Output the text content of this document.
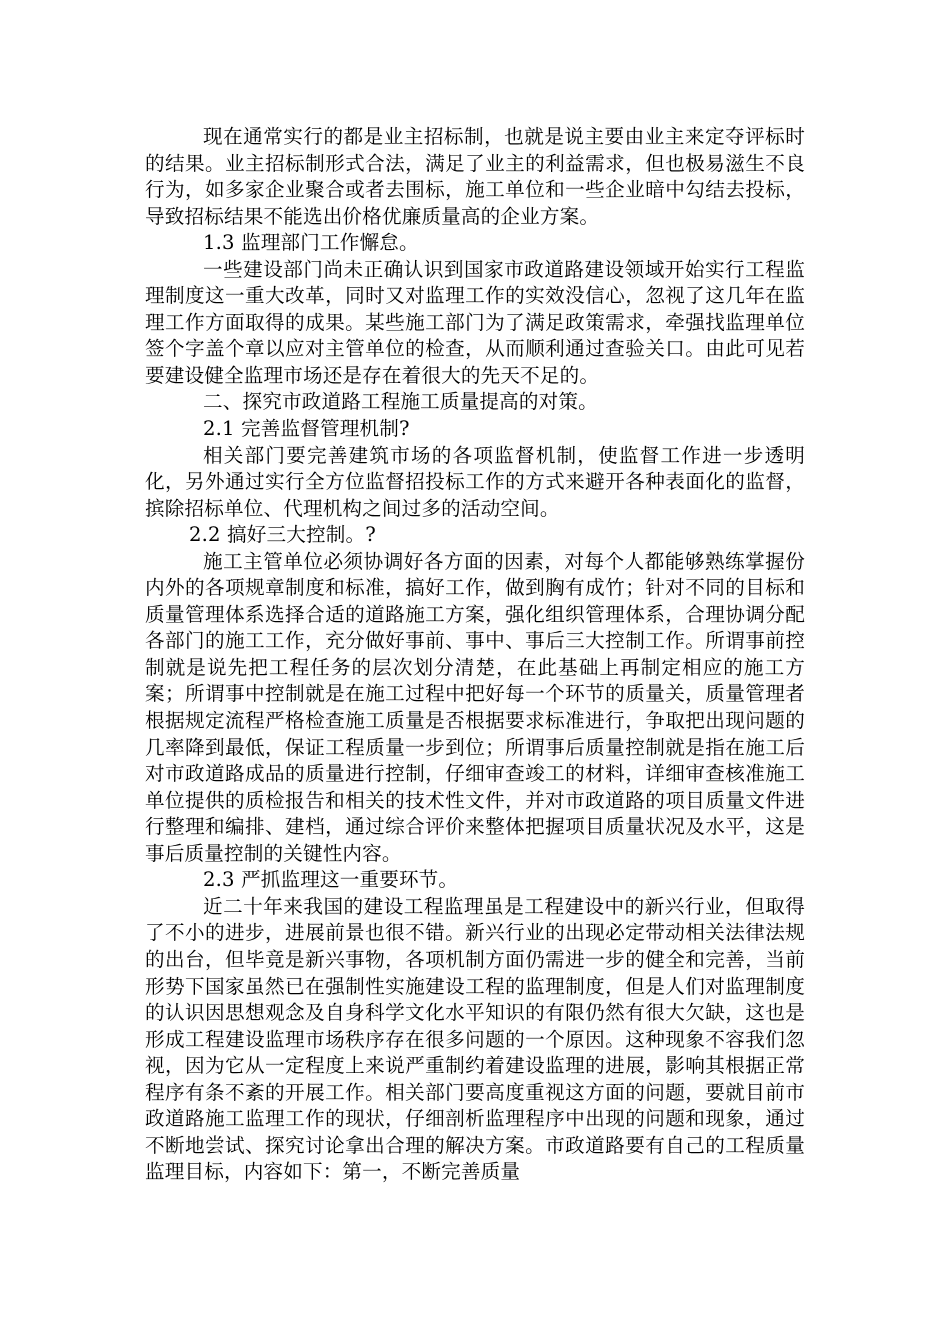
现在通常实行的都是业主招标制，也就是说主要由业主来定夺评标时的结果。业主招标制形式合法，满足了业主的利益需求，但也极易滋生不良行为，如多家企业聚合或者去围标，施工单位和一些企业暗中勾结去投标，导致招标结果不能选出价格优廉质量高的企业方案。

1.3 监理部门工作懈怠。

一些建设部门尚未正确认识到国家市政道路建设领域开始实行工程监理制度这一重大改革，同时又对监理工作的实效没信心，忽视了这几年在监理工作方面取得的成果。某些施工部门为了满足政策需求，牵强找监理单位签个字盖个章以应对主管单位的检查，从而顺利通过查验关口。由此可见若要建设健全监理市场还是存在着很大的先天不足的。

二、探究市政道路工程施工质量提高的对策。

2.1 完善监督管理机制?

相关部门要完善建筑市场的各项监督机制，使监督工作进一步透明化，另外通过实行全方位监督招投标工作的方式来避开各种表面化的监督，摈除招标单位、代理机构之间过多的活动空间。

2.2 搞好三大控制。?

施工主管单位必须协调好各方面的因素，对每个人都能够熟练掌握份内外的各项规章制度和标准，搞好工作，做到胸有成竹；针对不同的目标和质量管理体系选择合适的道路施工方案，强化组织管理体系，合理协调分配各部门的施工工作，充分做好事前、事中、事后三大控制工作。所谓事前控制就是说先把工程任务的层次划分清楚，在此基础上再制定相应的施工方案；所谓事中控制就是在施工过程中把好每一个环节的质量关，质量管理者根据规定流程严格检查施工质量是否根据要求标准进行，争取把出现问题的几率降到最低，保证工程质量一步到位；所谓事后质量控制就是指在施工后对市政道路成品的质量进行控制，仔细审查竣工的材料，详细审查核准施工单位提供的质检报告和相关的技术性文件，并对市政道路的项目质量文件进行整理和编排、建档，通过综合评价来整体把握项目质量状况及水平，这是事后质量控制的关键性内容。

2.3 严抓监理这一重要环节。

近二十年来我国的建设工程监理虽是工程建设中的新兴行业，但取得了不小的进步，进展前景也很不错。新兴行业的出现必定带动相关法律法规的出台，但毕竟是新兴事物，各项机制方面仍需进一步的健全和完善，当前形势下国家虽然已在强制性实施建设工程的监理制度，但是人们对监理制度的认识因思想观念及自身科学文化水平知识的有限仍然有很大欠缺，这也是形成工程建设监理市场秩序存在很多问题的一个原因。这种现象不容我们忽视，因为它从一定程度上来说严重制约着建设监理的进展，影响其根据正常程序有条不紊的开展工作。相关部门要高度重视这方面的问题，要就目前市政道路施工监理工作的现状，仔细剖析监理程序中出现的问题和现象，通过不断地尝试、探究讨论拿出合理的解决方案。市政道路要有自己的工程质量监理目标，内容如下：第一，不断完善质量
